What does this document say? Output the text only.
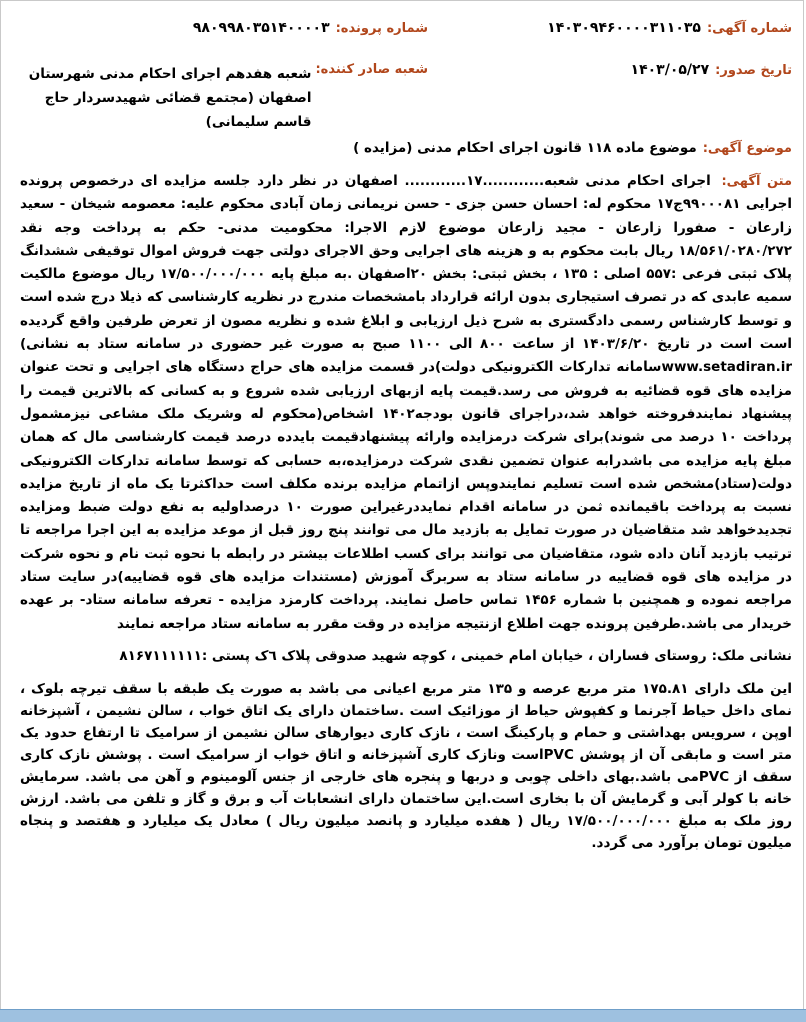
شماره آگهی:
۱۴۰۳۰۹۴۶۰۰۰۰۳۱۱۰۳۵
شماره پرونده:
۹۸۰۹۹۸۰۳۵۱۴۰۰۰۰۳
تاریخ صدور:
۱۴۰۳/۰۵/۲۷
شعبه صادر کننده:
شعبه هفدهم اجرای احکام مدنی شهرستان اصفهان (مجتمع قضائی شهیدسردار حاج قاسم سلیمانی)
موضوع آگهی:
موضوع ماده ۱۱۸ قانون اجرای احکام مدنی (مزایده )
متن آگهی: اجرای احکام مدنی شعبه............۱۷............ اصفهان در نظر دارد جلسه مزایده ای درخصوص پرونده اجرایی ۹۹۰۰۰۸۱ج۱۷ محکوم له: احسان حسن جزی - حسن نریمانی زمان آبادی محکوم علیه: معصومه شیخان - سعید زارعان - صفورا زارعان - مجید زارعان موضوع لازم الاجرا: محکومیت مدنی- حکم به پرداخت وجه نقد ۱۸/۵۶۱/۰۲۸۰/۲۷۲ ریال بابت محکوم به و هزینه های اجرایی وحق الاجرای دولتی جهت فروش اموال توقیفی ششدانگ پلاک ثبتی فرعی :۵۵۷ اصلی : ۱۳۵ ، بخش ثبتی: بخش ۲۰اصفهان .به مبلغ پایه ۱۷/۵۰۰/۰۰۰/۰۰۰ ریال موضوع مالکیت سمیه عابدی که در تصرف استیجاری بدون ارائه قرارداد بامشخصات مندرج در نظریه کارشناسی که ذیلا درج شده است و توسط کارشناس رسمی دادگستری به شرح ذیل ارزیابی و ابلاغ شده و نظریه مصون از تعرض طرفین واقع گردیده است است در تاریخ ۱۴۰۳/۶/۲۰ از ساعت ۸۰۰ الی ۱۱۰۰ صبح به صورت غیر حضوری در سامانه ستاد به نشانی) www.setadiran.irسامانه تدارکات الکترونیکی دولت)در قسمت مزایده های حراج دستگاه های اجرایی و تحت عنوان مزایده های قوه قضائیه به فروش می رسد.قیمت پایه ازبهای ارزیابی شده شروع و به کسانی که بالاترین قیمت را پیشنهاد نمایندفروخته خواهد شد،دراجرای قانون بودجه۱۴۰۲ اشخاص(محکوم له وشریک ملک مشاعی نیزمشمول پرداخت ۱۰ درصد می شوند)برای شرکت درمزایده وارائه پیشنهادقیمت بایدده درصد قیمت کارشناسی مال که همان مبلغ پایه مزایده می باشدرابه عنوان تضمین نقدی شرکت درمزایده،به حسابی که توسط سامانه تدارکات الکترونیکی دولت(ستاد)مشخص شده است تسلیم نمایندوپس ازاتمام مزایده برنده مکلف است حداکثرتا یک ماه از تاریخ مزایده نسبت به پرداخت باقیمانده ثمن در سامانه اقدام نمایددرغیراین صورت ۱۰ درصداولیه به نفع دولت ضبط ومزایده تجدیدخواهد شد متقاضیان در صورت تمایل به بازدید مال می توانند پنج روز قبل از موعد مزایده به این اجرا مراجعه تا ترتیب بازدید آنان داده شود، متقاضیان می توانند برای کسب اطلاعات بیشتر در رابطه با نحوه ثبت نام و نحوه شرکت در مزایده های قوه قضاییه در سامانه ستاد به سربرگ آموزش (مستندات مزایده های قوه قضاییه)در سایت ستاد مراجعه نموده و همچنین با شماره ۱۴۵۶ تماس حاصل نمایند. پرداخت کارمزد مزایده - تعرفه سامانه ستاد- بر عهده خریدار می باشد.طرفین پرونده جهت اطلاع ازنتیجه مزایده در وقت مقرر به سامانه ستاد مراجعه نمایند
نشانی ملک:
روستای فساران ، خیابان امام خمینی ، کوچه شهید صدوقی پلاک ٦ک پستی :۸۱۶۷۱۱۱۱۱۱
این ملک دارای ۱۷۵.۸۱ متر مربع عرصه و ۱۳۵ متر مربع اعیانی می باشد به صورت یک طبقه با سقف تیرچه بلوک ، نمای داخل حیاط آجرنما و کفپوش حیاط از موزائیک است .ساختمان دارای یک اتاق خواب ، سالن نشیمن ، آشپزخانه اوپن ، سرویس بهداشتی و حمام و پارکینگ است ، نازک کاری دیوارهای سالن نشیمن از سرامیک تا ارتفاع حدود یک متر است و مابقی آن از پوشش PVCاست ونازک کاری آشپزخانه و اتاق خواب از سرامیک است . پوشش نازک کاری سقف از PVCمی باشد.بهای داخلی چوبی و دربها و پنجره های خارجی از جنس آلومینوم و آهن می باشد. سرمایش خانه با کولر آبی و گرمایش آن با بخاری است.این ساختمان دارای انشعابات آب و برق و گاز و تلفن می باشد. ارزش روز ملک به مبلغ ۱۷/۵۰۰/۰۰۰/۰۰۰ ریال ( هفده میلیارد و پانصد میلیون ریال ) معادل یک میلیارد و هفتصد و پنجاه میلیون تومان برآورد می گردد.
